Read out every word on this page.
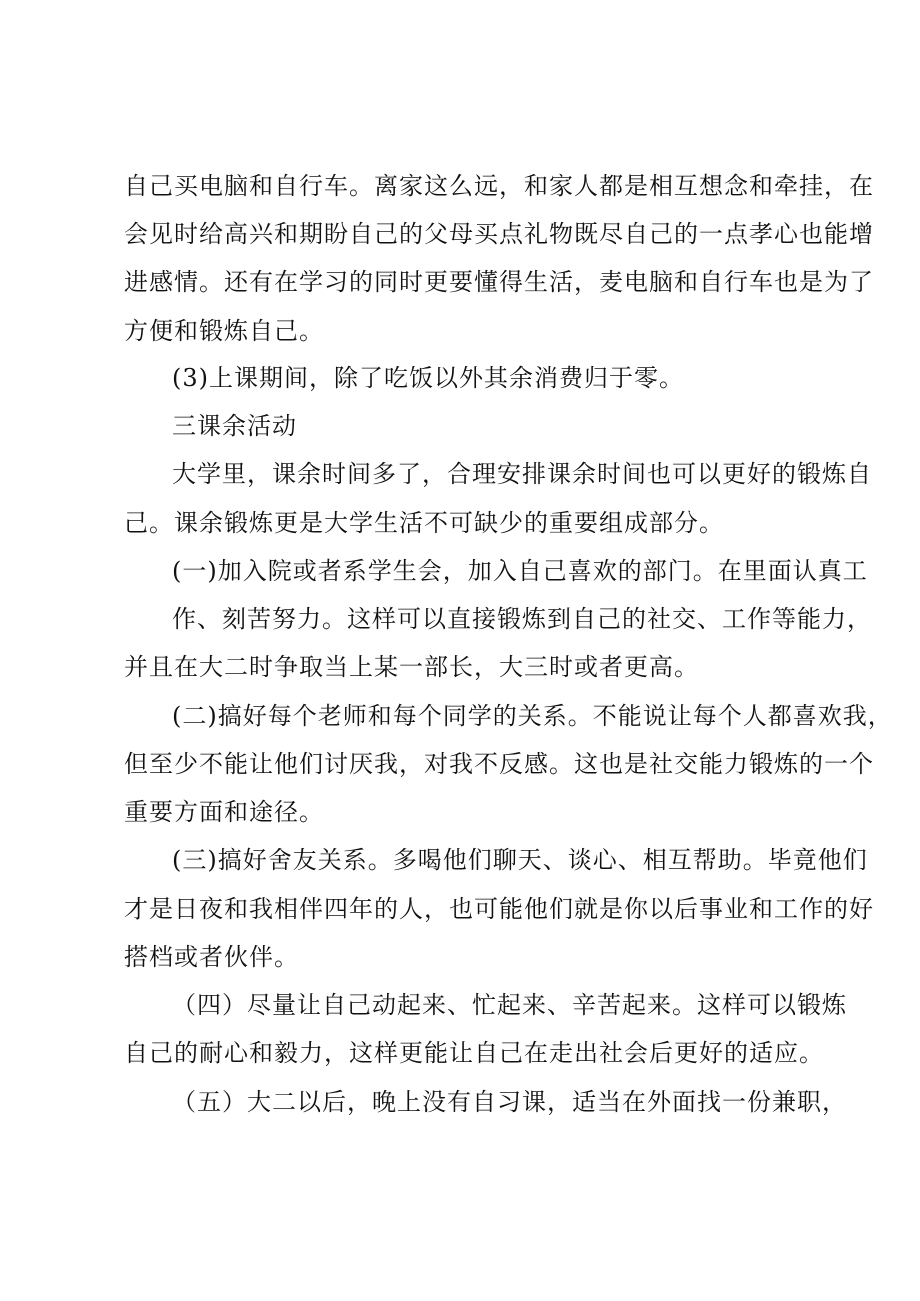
自己买电脑和自行车。离家这么远，和家人都是相互想念和牵挂，在
会见时给高兴和期盼自己的父母买点礼物既尽自己的一点孝心也能增
进感情。还有在学习的同时更要懂得生活，麦电脑和自行车也是为了
方便和锻炼自己。
(3)上课期间，除了吃饭以外其余消费归于零。
三课余活动
大学里，课余时间多了，合理安排课余时间也可以更好的锻炼自
己。课余锻炼更是大学生活不可缺少的重要组成部分。
(一)加入院或者系学生会，加入自己喜欢的部门。在里面认真工
作、刻苦努力。这样可以直接锻炼到自己的社交、工作等能力，
并且在大二时争取当上某一部长，大三时或者更高。
(二)搞好每个老师和每个同学的关系。不能说让每个人都喜欢我，
但至少不能让他们讨厌我，对我不反感。这也是社交能力锻炼的一个
重要方面和途径。
(三)搞好舍友关系。多喝他们聊天、谈心、相互帮助。毕竟他们
才是日夜和我相伴四年的人，也可能他们就是你以后事业和工作的好
搭档或者伙伴。
（四）尽量让自己动起来、忙起来、辛苦起来。这样可以锻炼
自己的耐心和毅力，这样更能让自己在走出社会后更好的适应。
（五）大二以后，晚上没有自习课，适当在外面找一份兼职，
